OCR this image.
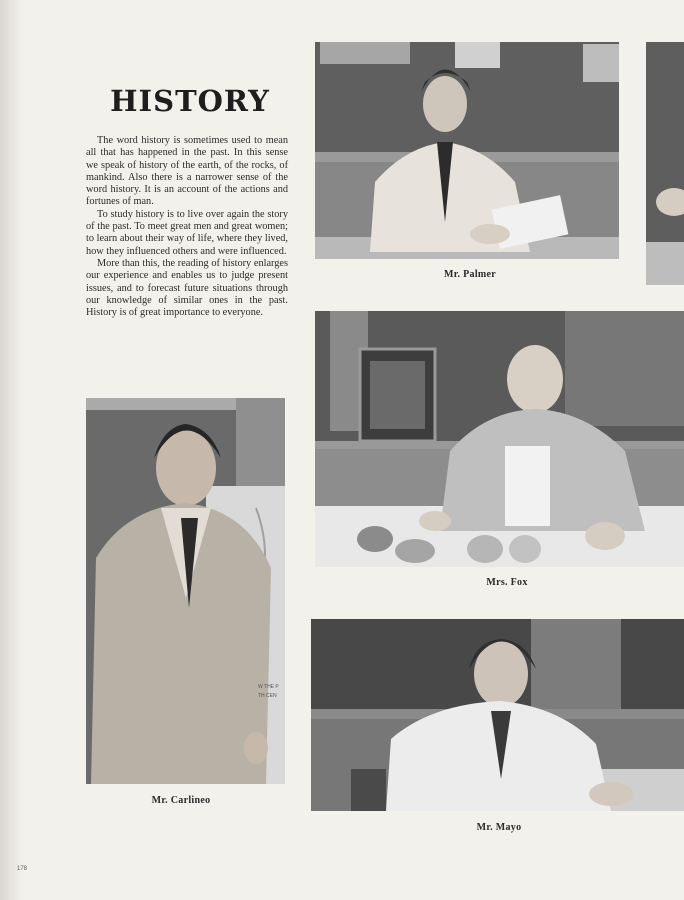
HISTORY

The word history is sometimes used to mean all that has happened in the past. In this sense we speak of history of the earth, of the rocks, of mankind. Also there is a narrower sense of the word history. It is an account of the actions and fortunes of man.

To study history is to live over again the story of the past. To meet great men and great women; to learn about their way of life, where they lived, how they influenced others and were influenced.

More than this, the reading of history enlarges our experience and enables us to judge present issues, and to forecast future situations through our knowledge of similar ones in the past. History is of great importance to everyone.

Mr. Palmer
Mrs. Fox
W THE P
TH CEN
Mr. Carlineo
Mr. Mayo
178
